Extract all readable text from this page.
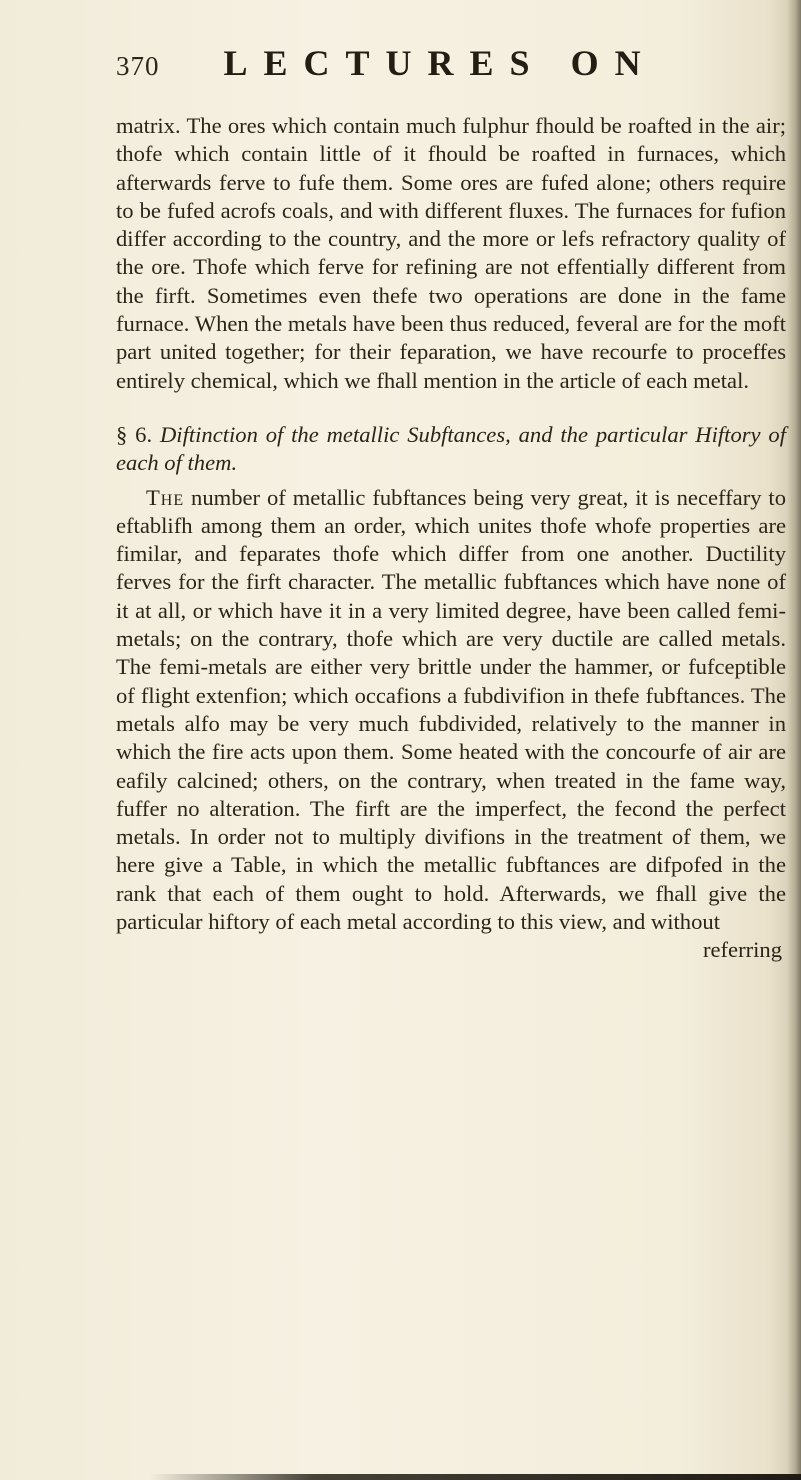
370 LECTURES ON

matrix. The ores which contain much fulphur fhould be roafted in the air; thofe which contain little of it fhould be roafted in furnaces, which afterwards ferve to fufe them. Some ores are fufed alone; others require to be fufed acrofs coals, and with different fluxes. The furnaces for fufion differ according to the country, and the more or lefs refractory quality of the ore. Thofe which ferve for refining are not effentially different from the firft. Sometimes even thefe two operations are done in the fame furnace. When the metals have been thus reduced, feveral are for the moft part united together; for their feparation, we have recourfe to proceffes entirely chemical, which we fhall mention in the article of each metal.

§ 6. Diftinction of the metallic Subftances, and the particular Hiftory of each of them.

The number of metallic fubftances being very great, it is neceffary to eftablifh among them an order, which unites thofe whofe properties are fimilar, and feparates thofe which differ from one another. Ductility ferves for the firft character. The metallic fubftances which have none of it at all, or which have it in a very limited degree, have been called femi-metals; on the contrary, thofe which are very ductile are called metals. The femi-metals are either very brittle under the hammer, or fufceptible of flight extenfion; which occafions a fubdivifion in thefe fubftances. The metals alfo may be very much fubdivided, relatively to the manner in which the fire acts upon them. Some heated with the concourfe of air are eafily calcined; others, on the contrary, when treated in the fame way, fuffer no alteration. The firft are the imperfect, the fecond the perfect metals. In order not to multiply divifions in the treatment of them, we here give a Table, in which the metallic fubftances are difpofed in the rank that each of them ought to hold. Afterwards, we fhall give the particular hiftory of each metal according to this view, and without

referring
